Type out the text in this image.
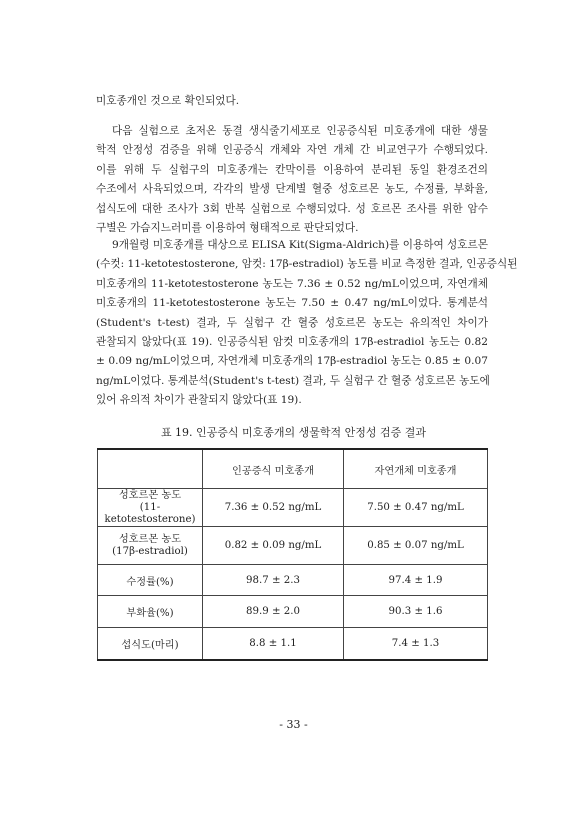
미호종개인 것으로 확인되었다.

다음 실험으로 초저온 동결 생식줄기세포로 인공증식된 미호종개에 대한 생물
학적 안정성 검증을 위해 인공증식 개체와 자연 개체 간 비교연구가 수행되었다.
이를 위해 두 실험구의 미호종개는 칸막이를 이용하여 분리된 동일 환경조건의
수조에서 사육되었으며, 각각의 발생 단계별 혈중 성호르몬 농도, 수정률, 부화율,
섭식도에 대한 조사가 3회 반복 실험으로 수행되었다. 성 호르몬 조사를 위한 암수
구별은 가슴지느러미를 이용하여 형태적으로 판단되었다.

9개월령 미호종개를 대상으로 ELISA Kit(Sigma-Aldrich)를 이용하여 성호르몬
(수컷: 11-ketotestosterone, 암컷: 17β-estradiol) 농도를 비교 측정한 결과, 인공증식된
미호종개의 11-ketotestosterone 농도는 7.36 ± 0.52 ng/mL이었으며, 자연개체
미호종개의 11-ketotestosterone 농도는 7.50 ± 0.47 ng/mL이었다. 통계분석
(Student's t-test) 결과, 두 실험구 간 혈중 성호르몬 농도는 유의적인 차이가
관찰되지 않았다(표 19). 인공증식된 암컷 미호종개의 17β-estradiol 농도는 0.82
± 0.09 ng/mL이었으며, 자연개체 미호종개의 17β-estradiol 농도는 0.85 ± 0.07
ng/mL이었다. 통계분석(Student's t-test) 결과, 두 실험구 간 혈중 성호르몬 농도에
있어 유의적 차이가 관찰되지 않았다(표 19).

표 19. 인공증식 미호종개의 생물학적 안정성 검증 결과

	인공증식 미호종개	자연개체 미호종개

성호르몬 농도
(11-ketotestosterone)	7.36 ± 0.52 ng/mL	7.50 ± 0.47 ng/mL

성호르몬 농도
(17β-estradiol)	0.82 ± 0.09 ng/mL	0.85 ± 0.07 ng/mL
수정률(%)	98.7 ± 2.3	97.4 ± 1.9
부화율(%)	89.9 ± 2.0	90.3 ± 1.6
섭식도(마리)	8.8 ± 1.1	7.4 ± 1.3

- 33 -
